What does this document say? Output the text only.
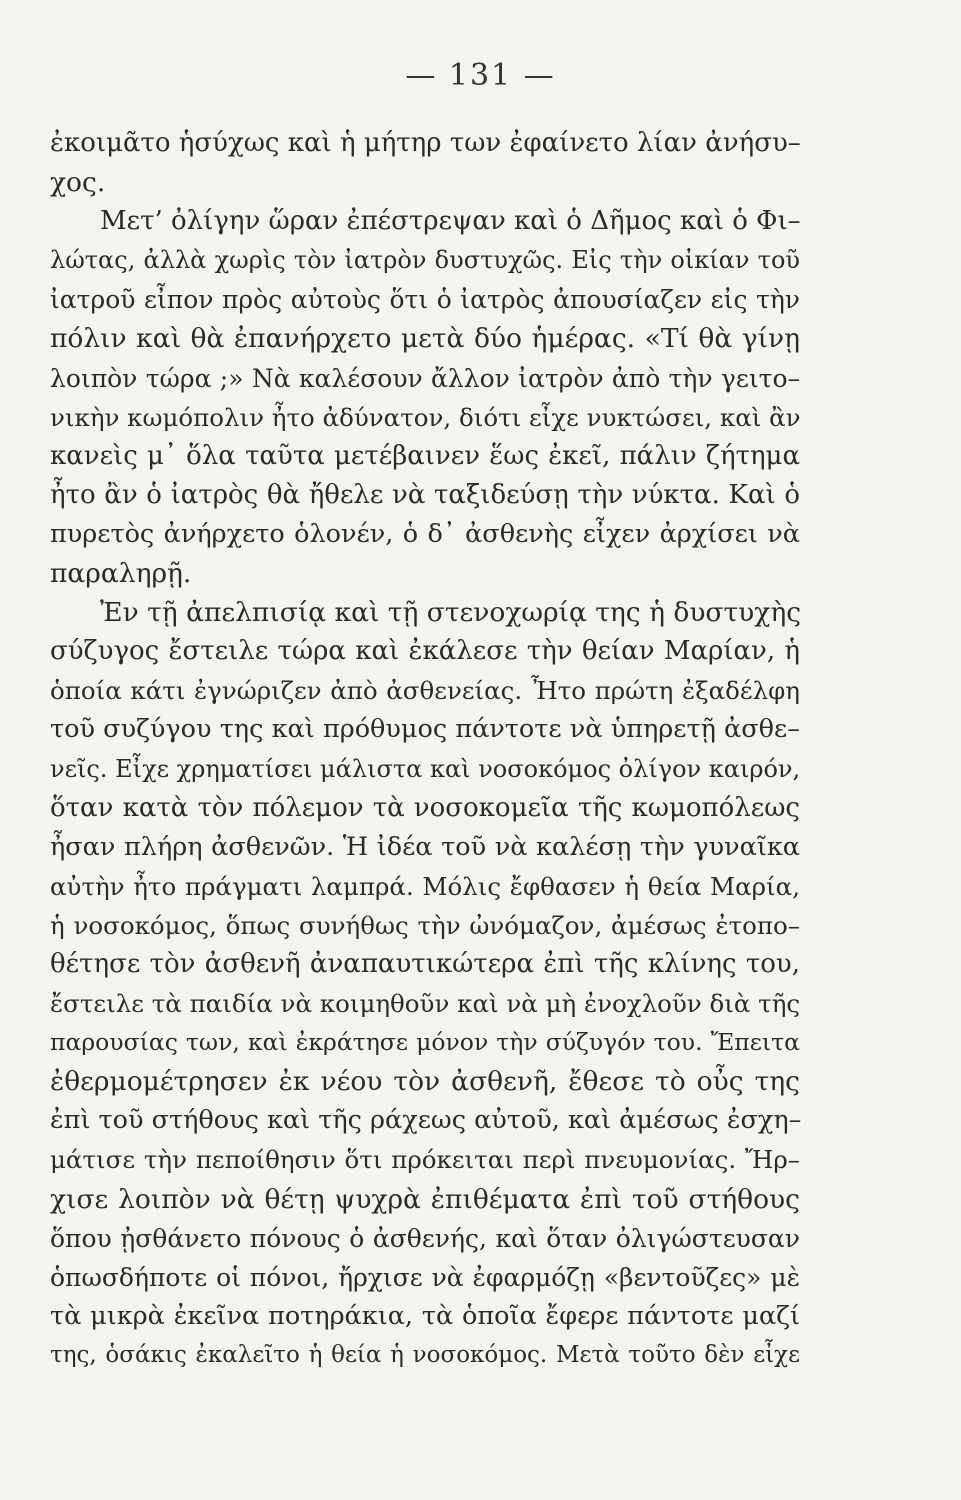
— 131 —
ἐκοιμᾶτο ἡσύχως καὶ ἡ μήτηρ των ἐφαίνετο λίαν ἀνήσυ–
χος.
Μετ’ ὀλίγην ὥραν ἐπέστρεψαν καὶ ὁ Δῆμος καὶ ὁ Φι–
λώτας, ἀλλὰ χωρὶς τὸν ἰατρὸν δυστυχῶς. Εἰς τὴν οἰκίαν τοῦ
ἰατροῦ εἶπον πρὸς αὐτοὺς ὅτι ὁ ἰατρὸς ἀπουσίαζεν εἰς τὴν
πόλιν καὶ θὰ ἐπανήρχετο μετὰ δύο ἡμέρας. «Τί θὰ γίνῃ
λοιπὸν τώρα ;» Νὰ καλέσουν ἄλλον ἰατρὸν ἀπὸ τὴν γειτο–
νικὴν κωμόπολιν ἦτο ἀδύνατον, διότι εἶχε νυκτώσει, καὶ ἂν
κανεὶς μ᾽ ὅλα ταῦτα μετέβαινεν ἕως ἐκεῖ, πάλιν ζήτημα
ἦτο ἂν ὁ ἰατρὸς θὰ ἤθελε νὰ ταξιδεύσῃ τὴν νύκτα. Καὶ ὁ
πυρετὸς ἀνήρχετο ὁλονέν, ὁ δ᾽ ἀσθενὴς εἶχεν ἀρχίσει νὰ
παραληρῇ.
Ἐν τῇ ἀπελπισίᾳ καὶ τῇ στενοχωρίᾳ της ἡ δυστυχὴς
σύζυγος ἔστειλε τώρα καὶ ἐκάλεσε τὴν θείαν Μαρίαν, ἡ
ὁποία κάτι ἐγνώριζεν ἀπὸ ἀσθενείας. Ἦτο πρώτη ἐξαδέλφη
τοῦ συζύγου της καὶ πρόθυμος πάντοτε νὰ ὑπηρετῇ ἀσθε–
νεῖς. Εἶχε χρηματίσει μάλιστα καὶ νοσοκόμος ὀλίγον καιρόν,
ὅταν κατὰ τὸν πόλεμον τὰ νοσοκομεῖα τῆς κωμοπόλεως
ἦσαν πλήρη ἀσθενῶν. Ἡ ἰδέα τοῦ νὰ καλέσῃ τὴν γυναῖκα
αὐτὴν ἦτο πράγματι λαμπρά. Μόλις ἔφθασεν ἡ θεία Μαρία,
ἡ νοσοκόμος, ὅπως συνήθως τὴν ὠνόμαζον, ἀμέσως ἐτοπο–
θέτησε τὸν ἀσθενῆ ἀναπαυτικώτερα ἐπὶ τῆς κλίνης του,
ἔστειλε τὰ παιδία νὰ κοιμηθοῦν καὶ νὰ μὴ ἐνοχλοῦν διὰ τῆς
παρουσίας των, καὶ ἐκράτησε μόνον τὴν σύζυγόν του. Ἔπειτα
ἐθερμομέτρησεν ἐκ νέου τὸν ἀσθενῆ, ἔθεσε τὸ οὖς της
ἐπὶ τοῦ στήθους καὶ τῆς ράχεως αὐτοῦ, καὶ ἀμέσως ἐσχη–
μάτισε τὴν πεποίθησιν ὅτι πρόκειται περὶ πνευμονίας. Ἤρ–
χισε λοιπὸν νὰ θέτῃ ψυχρὰ ἐπιθέματα ἐπὶ τοῦ στήθους
ὅπου ᾐσθάνετο πόνους ὁ ἀσθενής, καὶ ὅταν ὀλιγώστευσαν
ὁπωσδήποτε οἱ πόνοι, ἤρχισε νὰ ἐφαρμόζῃ «βεντοῦζες» μὲ
τὰ μικρὰ ἐκεῖνα ποτηράκια, τὰ ὁποῖα ἔφερε πάντοτε μαζί
της, ὁσάκις ἐκαλεῖτο ἡ θεία ἡ νοσοκόμος. Μετὰ τοῦτο δὲν εἶχε
